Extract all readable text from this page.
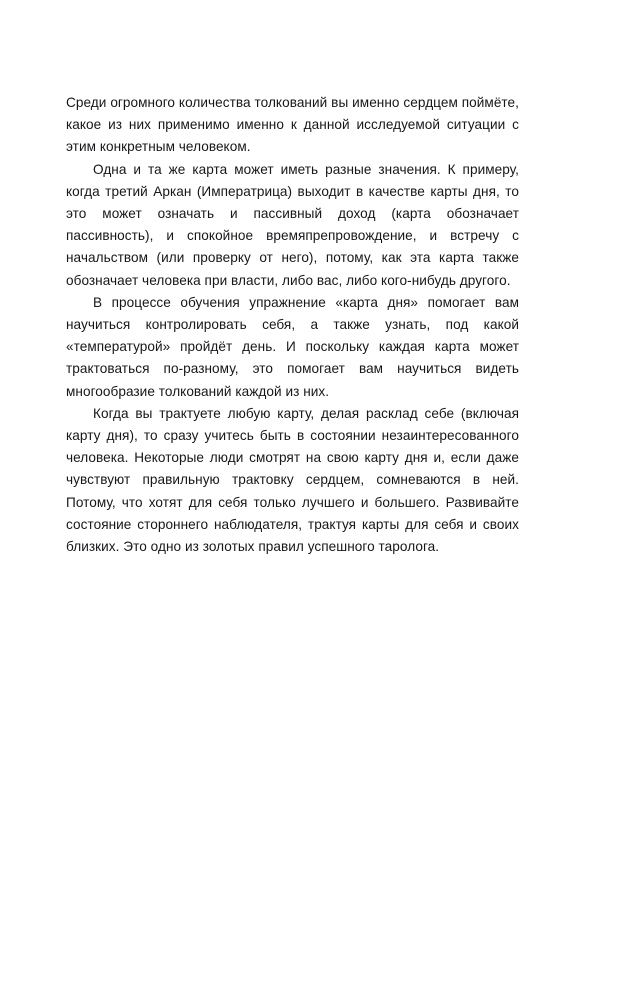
Среди огромного количества толкований вы именно сердцем поймёте, какое из них применимо именно к данной исследуемой ситуации с этим конкретным человеком.

Одна и та же карта может иметь разные значения. К примеру, когда третий Аркан (Императрица) выходит в качестве карты дня, то это может означать и пассивный доход (карта обозначает пассивность), и спокойное времяпрепровождение, и встречу с начальством (или проверку от него), потому, как эта карта также обозначает человека при власти, либо вас, либо кого-нибудь другого.

В процессе обучения упражнение «карта дня» помогает вам научиться контролировать себя, а также узнать, под какой «температурой» пройдёт день. И поскольку каждая карта может трактоваться по-разному, это помогает вам научиться видеть многообразие толкований каждой из них.

Когда вы трактуете любую карту, делая расклад себе (включая карту дня), то сразу учитесь быть в состоянии незаинтересованного человека. Некоторые люди смотрят на свою карту дня и, если даже чувствуют правильную трактовку сердцем, сомневаются в ней. Потому, что хотят для себя только лучшего и большего. Развивайте состояние стороннего наблюдателя, трактуя карты для себя и своих близких. Это одно из золотых правил успешного таролога.
